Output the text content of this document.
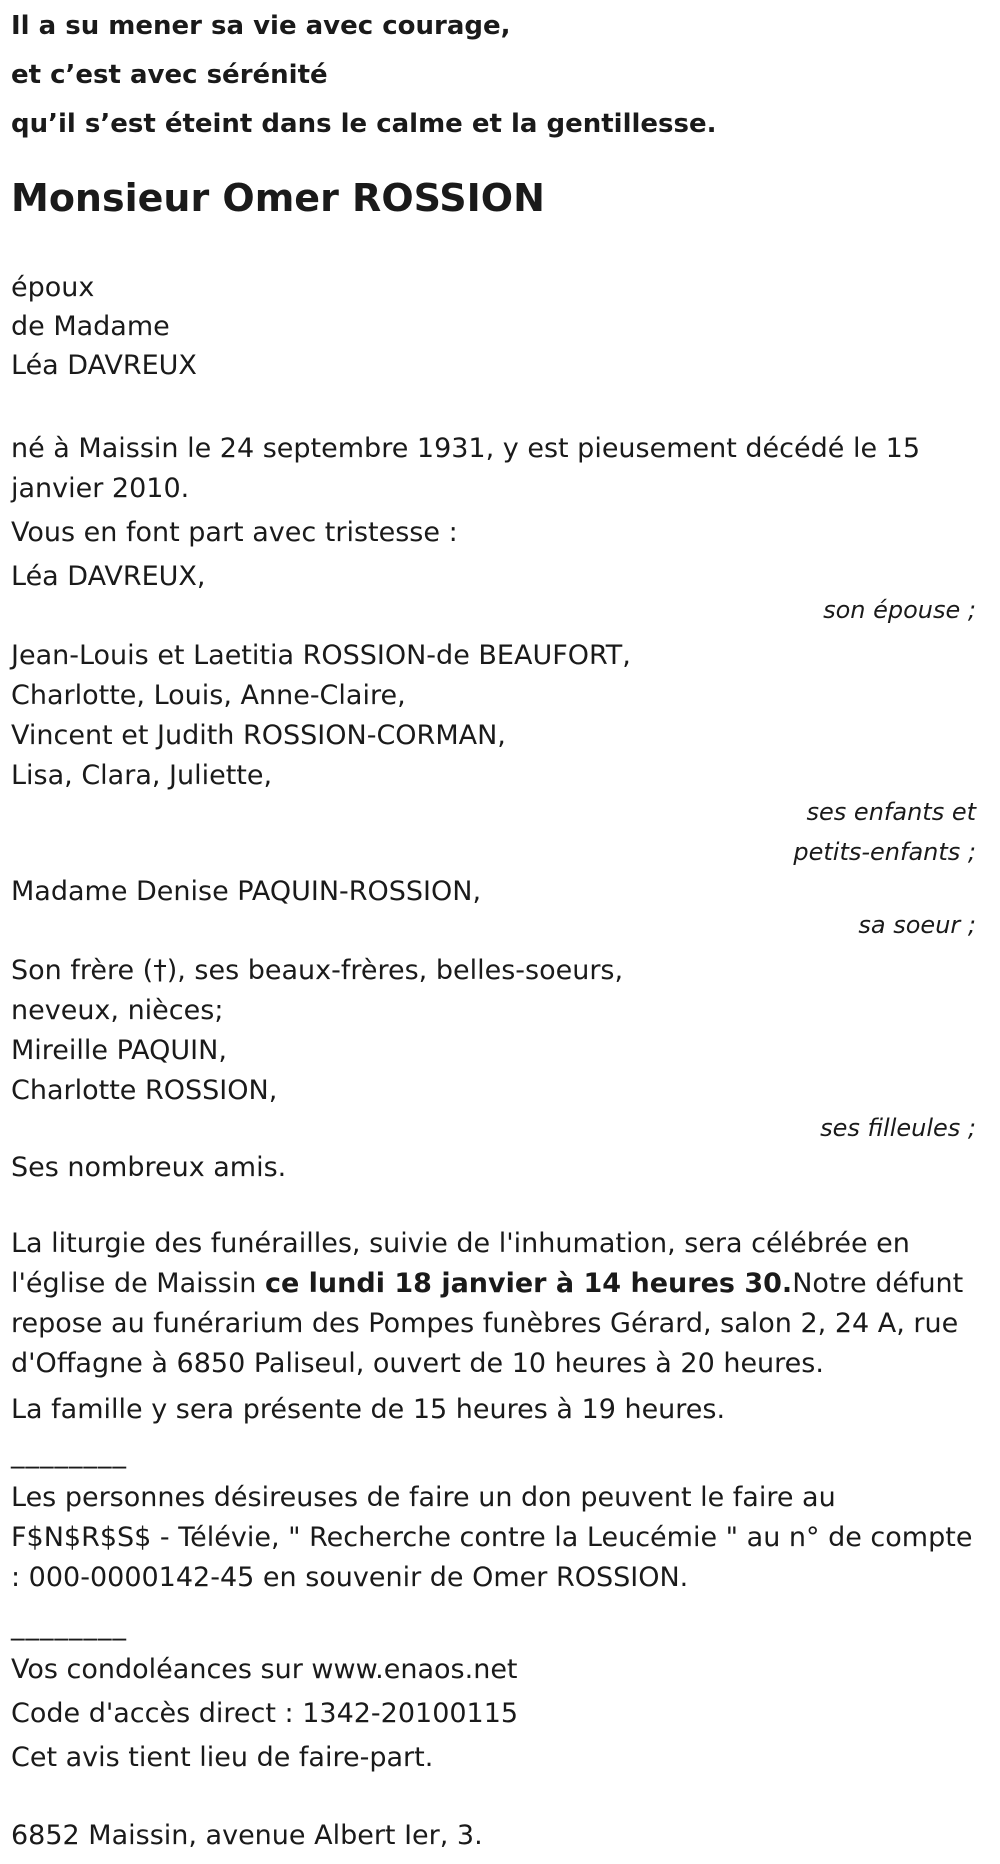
Il a su mener sa vie avec courage,
et c’est avec sérénité
qu’il s’est éteint dans le calme et la gentillesse.
Monsieur Omer ROSSION
époux
de Madame
Léa DAVREUX
né à Maissin le 24 septembre 1931, y est pieusement décédé le 15 janvier 2010.
Vous en font part avec tristesse :
Léa DAVREUX,
son épouse ;
Jean-Louis et Laetitia ROSSION-de BEAUFORT,
Charlotte, Louis, Anne-Claire,
Vincent et Judith ROSSION-CORMAN,
Lisa, Clara, Juliette,
ses enfants et
petits-enfants ;
Madame Denise PAQUIN-ROSSION,
sa soeur ;
Son frère (†), ses beaux-frères, belles-soeurs,
neveux, nièces;
Mireille PAQUIN,
Charlotte ROSSION,
ses filleules ;
Ses nombreux amis.
La liturgie des funérailles, suivie de l'inhumation, sera célébrée en l'église de Maissin ce lundi 18 janvier à 14 heures 30.Notre défunt repose au funérarium des Pompes funèbres Gérard, salon 2, 24 A, rue d'Offagne à 6850 Paliseul, ouvert de 10 heures à 20 heures.
La famille y sera présente de 15 heures à 19 heures.
________
Les personnes désireuses de faire un don peuvent le faire au F$N$R$S$ - Télévie, " Recherche contre la Leucémie " au n° de compte : 000-0000142-45 en souvenir de Omer ROSSION.
________
Vos condoléances sur www.enaos.net
Code d'accès direct : 1342-20100115
Cet avis tient lieu de faire-part.
6852 Maissin, avenue Albert Ier, 3.
